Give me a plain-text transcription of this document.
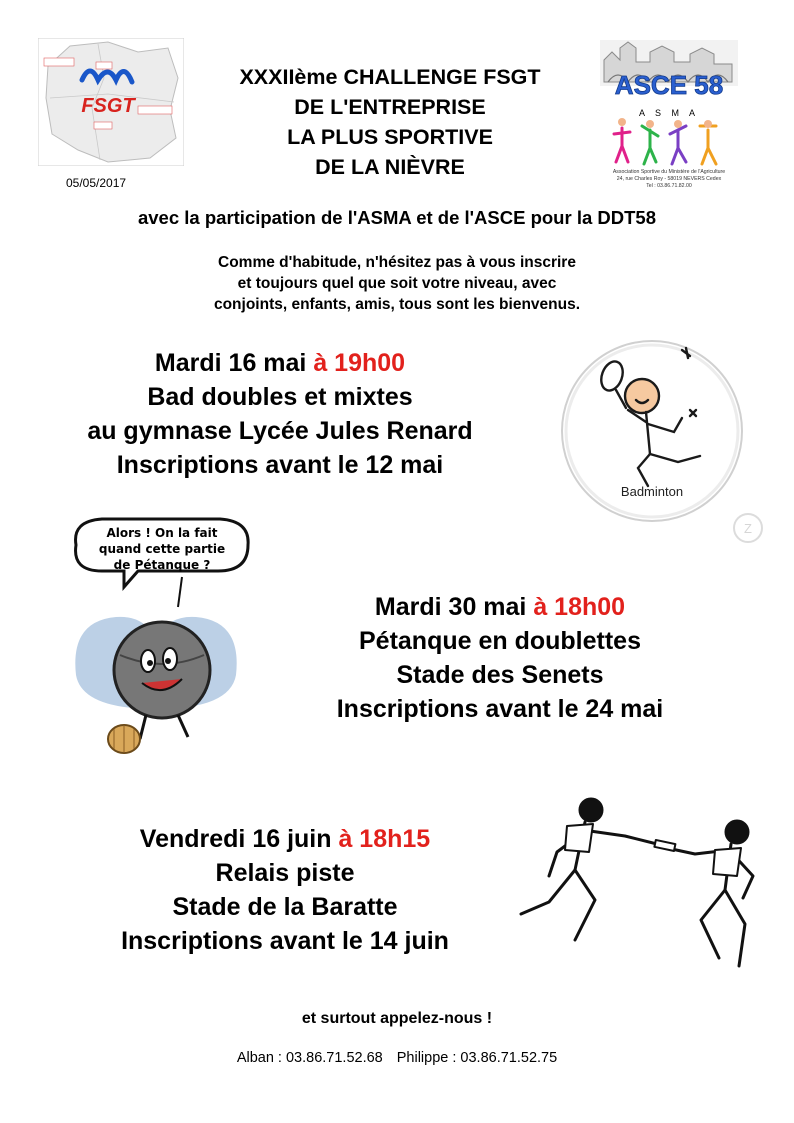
FSGT
XXXIIème CHALLENGE FSGT
DE L'ENTREPRISE
LA PLUS SPORTIVE
DE LA NIÈVRE
05/05/2017
ASCE 58
A S M A
Association Sportive du Ministère de l'Agriculture
24, rue Charles Roy - 58019 NEVERS Cedex
Tel : 03.86.71.82.00
avec la participation de l'ASMA et de l'ASCE pour la DDT58
Comme d'habitude, n'hésitez pas à vous inscrire
et toujours quel que soit votre niveau, avec
conjoints, enfants, amis, tous sont les bienvenus.
Mardi 16 mai à 19h00
Bad doubles et mixtes
au gymnase Lycée Jules Renard
Inscriptions avant le 12 mai
Badminton
Z
Alors ! On la fait
quand cette partie
de Pétanque ?
Mardi 30 mai à 18h00
Pétanque en doublettes
Stade des Senets
Inscriptions avant le 24 mai
Vendredi 16 juin à 18h15
Relais piste
Stade de la Baratte
Inscriptions avant le 14 juin
et surtout appelez-nous !
Alban : 03.86.71.52.68 Philippe : 03.86.71.52.75
